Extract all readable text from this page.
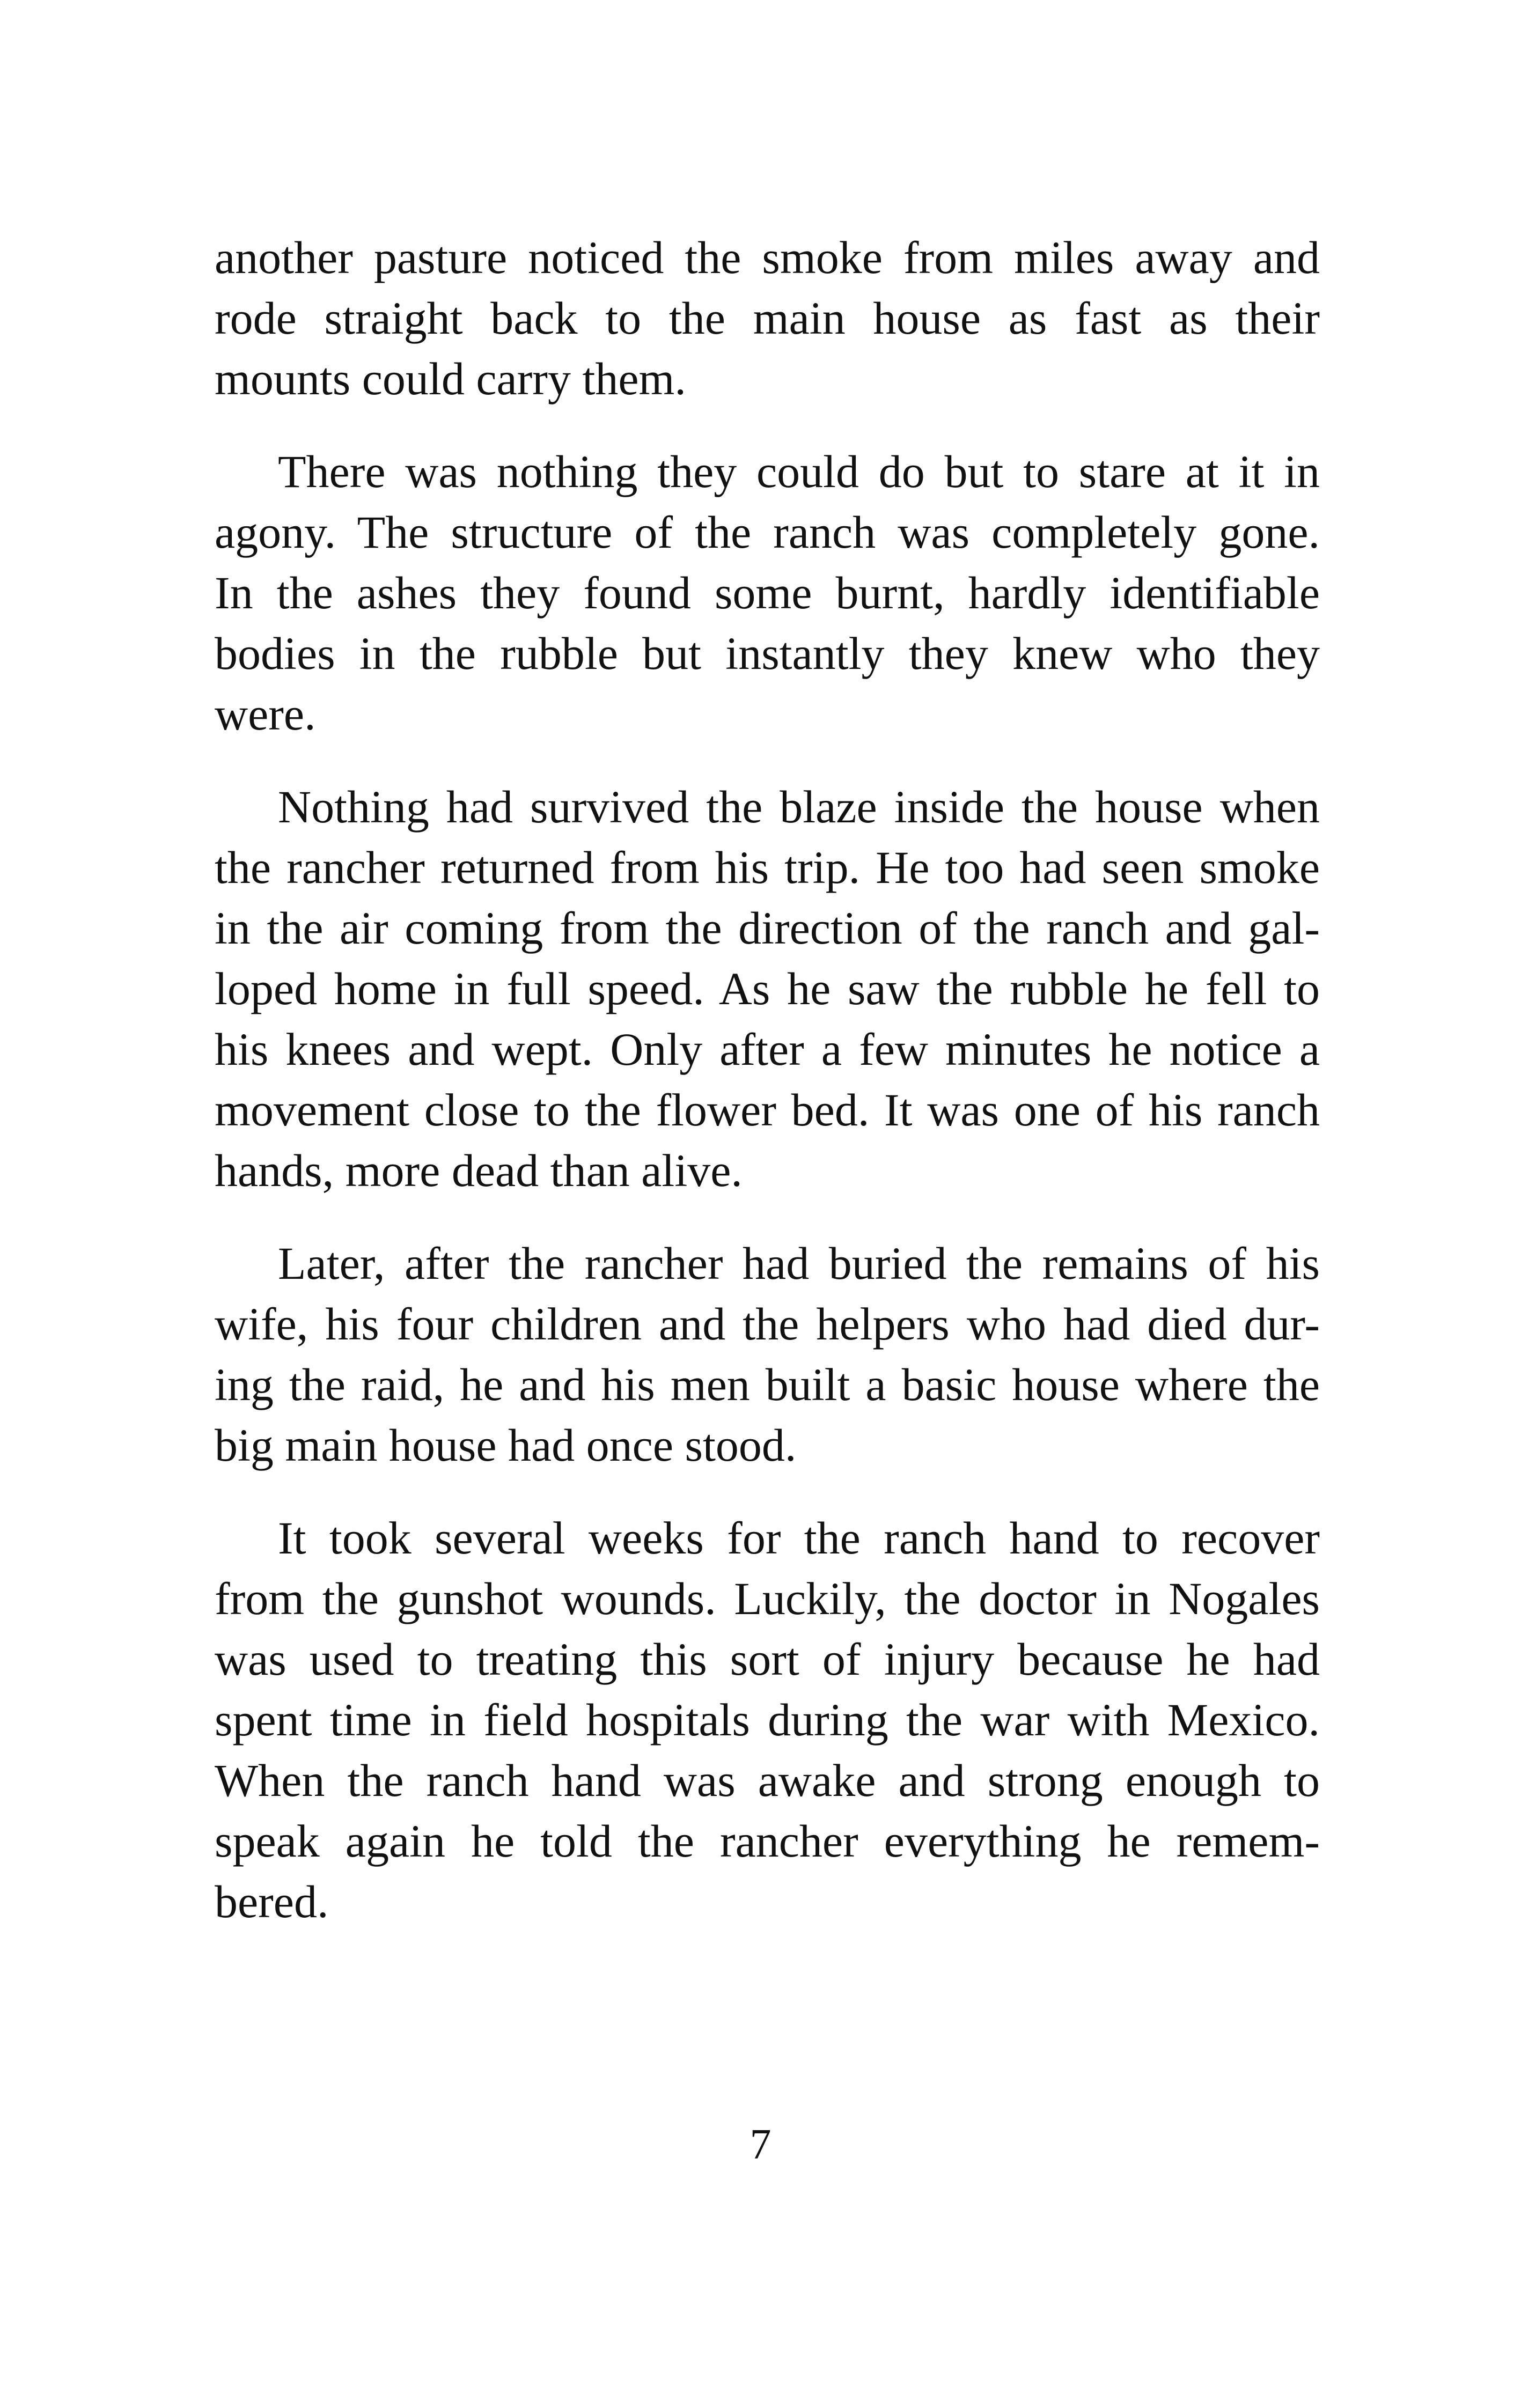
another pasture noticed the smoke from miles away and
rode straight back to the main house as fast as their
mounts could carry them.
There was nothing they could do but to stare at it in
agony. The structure of the ranch was completely gone.
In the ashes they found some burnt, hardly identifiable
bodies in the rubble but instantly they knew who they
were.
Nothing had survived the blaze inside the house when
the rancher returned from his trip. He too had seen smoke
in the air coming from the direction of the ranch and gal-
loped home in full speed. As he saw the rubble he fell to
his knees and wept. Only after a few minutes he notice a
movement close to the flower bed. It was one of his ranch
hands, more dead than alive.
Later, after the rancher had buried the remains of his
wife, his four children and the helpers who had died dur-
ing the raid, he and his men built a basic house where the
big main house had once stood.
It took several weeks for the ranch hand to recover
from the gunshot wounds. Luckily, the doctor in Nogales
was used to treating this sort of injury because he had
spent time in field hospitals during the war with Mexico.
When the ranch hand was awake and strong enough to
speak again he told the rancher everything he remem-
bered.
7
